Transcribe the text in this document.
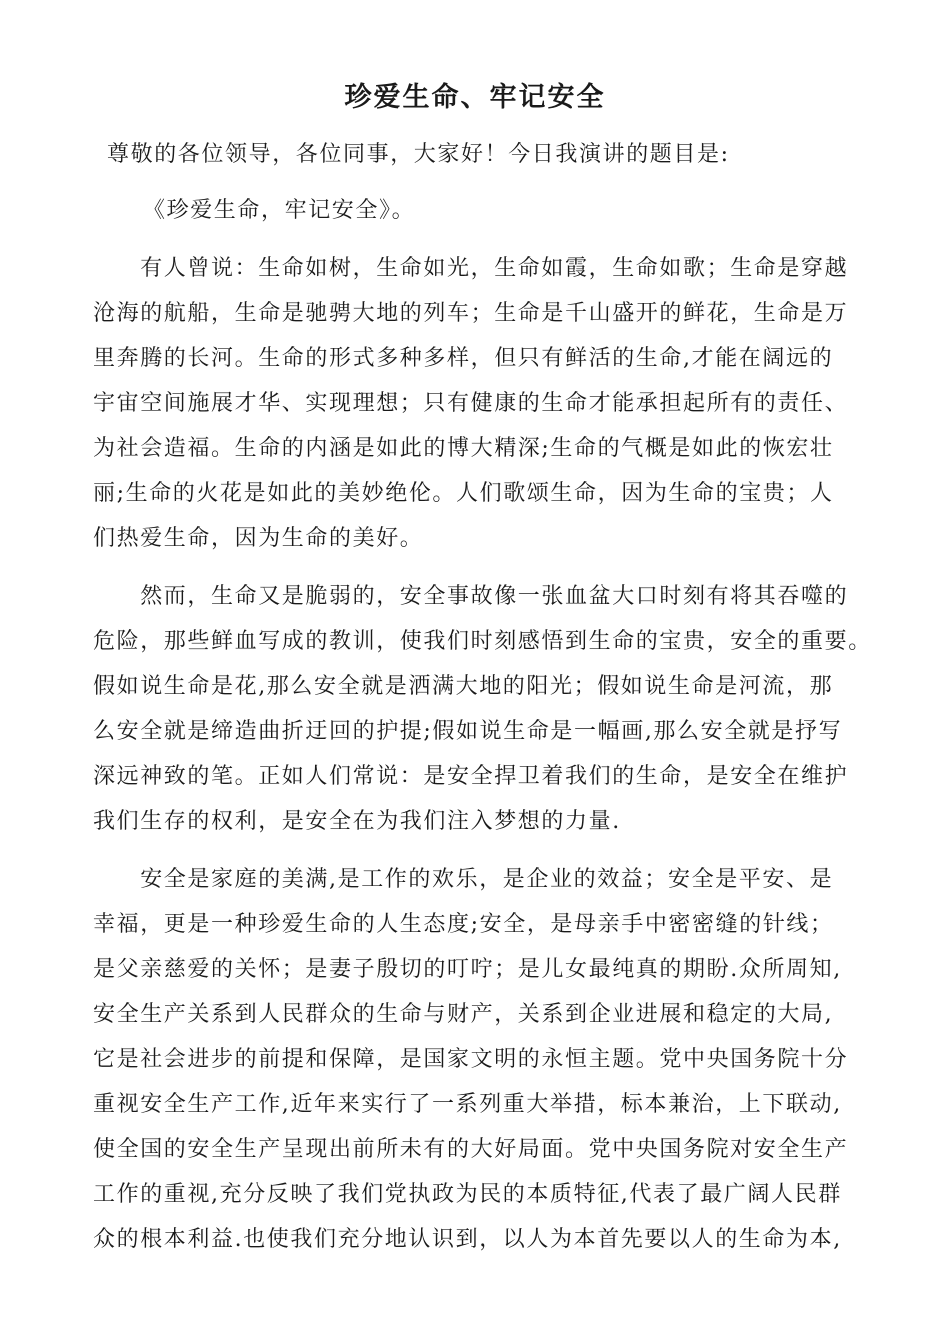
珍爱生命、牢记安全
尊敬的各位领导，各位同事，大家好！今日我演讲的题目是:
《珍爱生命，牢记安全》。
　　有人曾说：生命如树，生命如光，生命如霞，生命如歌；生命是穿越
沧海的航船，生命是驰骋大地的列车；生命是千山盛开的鲜花，生命是万
里奔腾的长河。生命的形式多种多样，但只有鲜活的生命,才能在阔远的
宇宙空间施展才华、实现理想；只有健康的生命才能承担起所有的责任、
为社会造福。生命的内涵是如此的博大精深;生命的气概是如此的恢宏壮
丽;生命的火花是如此的美妙绝伦。人们歌颂生命，因为生命的宝贵；人
们热爱生命，因为生命的美好。
　　然而，生命又是脆弱的，安全事故像一张血盆大口时刻有将其吞噬的
危险，那些鲜血写成的教训，使我们时刻感悟到生命的宝贵，安全的重要。
假如说生命是花,那么安全就是洒满大地的阳光；假如说生命是河流，那
么安全就是缔造曲折迂回的护提;假如说生命是一幅画,那么安全就是抒写
深远神致的笔。正如人们常说：是安全捍卫着我们的生命，是安全在维护
我们生存的权利，是安全在为我们注入梦想的力量.
　　安全是家庭的美满,是工作的欢乐，是企业的效益；安全是平安、是
幸福，更是一种珍爱生命的人生态度;安全，是母亲手中密密缝的针线；
是父亲慈爱的关怀；是妻子殷切的叮咛；是儿女最纯真的期盼.众所周知,
安全生产关系到人民群众的生命与财产，关系到企业进展和稳定的大局,
它是社会进步的前提和保障，是国家文明的永恒主题。党中央国务院十分
重视安全生产工作,近年来实行了一系列重大举措，标本兼治，上下联动,
使全国的安全生产呈现出前所未有的大好局面。党中央国务院对安全生产
工作的重视,充分反映了我们党执政为民的本质特征,代表了最广阔人民群
众的根本利益.也使我们充分地认识到，以人为本首先要以人的生命为本,
